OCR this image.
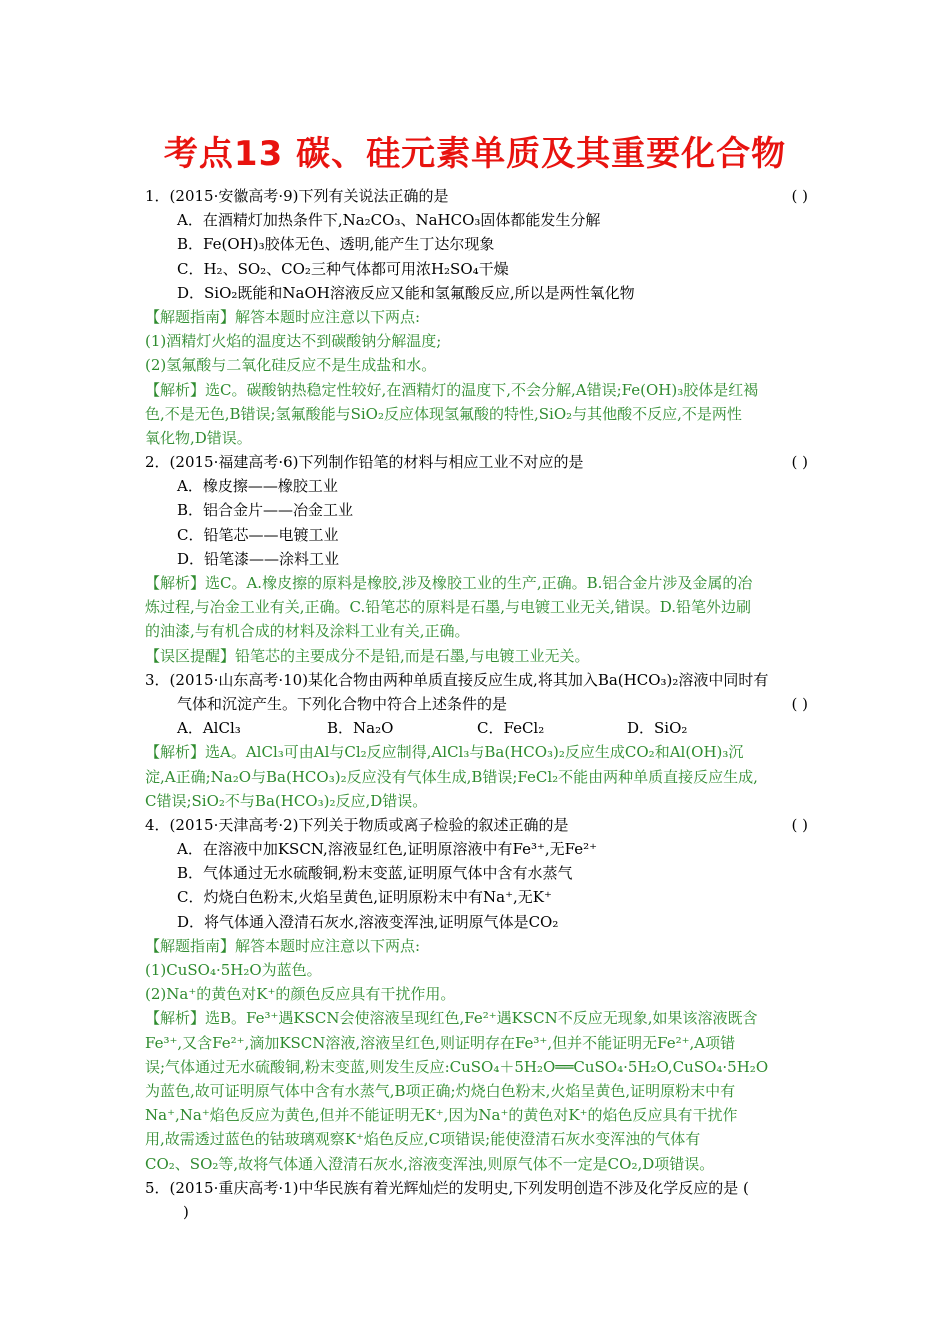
考点13 碳、硅元素单质及其重要化合物
1．(2015·安徽高考·9)下列有关说法正确的是	( )
A．在酒精灯加热条件下,Na₂CO₃、NaHCO₃固体都能发生分解
B．Fe(OH)₃胶体无色、透明,能产生丁达尔现象
C．H₂、SO₂、CO₂三种气体都可用浓H₂SO₄干燥
D．SiO₂既能和NaOH溶液反应又能和氢氟酸反应,所以是两性氧化物
【解题指南】解答本题时应注意以下两点:
(1)酒精灯火焰的温度达不到碳酸钠分解温度;
(2)氢氟酸与二氧化硅反应不是生成盐和水。
【解析】选C。碳酸钠热稳定性较好,在酒精灯的温度下,不会分解,A错误;Fe(OH)₃胶体是红褐
色,不是无色,B错误;氢氟酸能与SiO₂反应体现氢氟酸的特性,SiO₂与其他酸不反应,不是两性
氧化物,D错误。
2．(2015·福建高考·6)下列制作铅笔的材料与相应工业不对应的是	( )
A．橡皮擦——橡胶工业
B．铝合金片——冶金工业
C．铅笔芯——电镀工业
D．铅笔漆——涂料工业
【解析】选C。A.橡皮擦的原料是橡胶,涉及橡胶工业的生产,正确。B.铝合金片涉及金属的冶
炼过程,与冶金工业有关,正确。C.铅笔芯的原料是石墨,与电镀工业无关,错误。D.铅笔外边刷
的油漆,与有机合成的材料及涂料工业有关,正确。
【误区提醒】铅笔芯的主要成分不是铅,而是石墨,与电镀工业无关。
3．(2015·山东高考·10)某化合物由两种单质直接反应生成,将其加入Ba(HCO₃)₂溶液中同时有
气体和沉淀产生。下列化合物中符合上述条件的是	( )
A．AlCl₃	B．Na₂O	C．FeCl₂	D．SiO₂
【解析】选A。AlCl₃可由Al与Cl₂反应制得,AlCl₃与Ba(HCO₃)₂反应生成CO₂和Al(OH)₃沉
淀,A正确;Na₂O与Ba(HCO₃)₂反应没有气体生成,B错误;FeCl₂不能由两种单质直接反应生成,
C错误;SiO₂不与Ba(HCO₃)₂反应,D错误。
4．(2015·天津高考·2)下列关于物质或离子检验的叙述正确的是	( )
A．在溶液中加KSCN,溶液显红色,证明原溶液中有Fe³⁺,无Fe²⁺
B．气体通过无水硫酸铜,粉末变蓝,证明原气体中含有水蒸气
C．灼烧白色粉末,火焰呈黄色,证明原粉末中有Na⁺,无K⁺
D．将气体通入澄清石灰水,溶液变浑浊,证明原气体是CO₂
【解题指南】解答本题时应注意以下两点:
(1)CuSO₄·5H₂O为蓝色。
(2)Na⁺的黄色对K⁺的颜色反应具有干扰作用。
【解析】选B。Fe³⁺遇KSCN会使溶液呈现红色,Fe²⁺遇KSCN不反应无现象,如果该溶液既含
Fe³⁺,又含Fe²⁺,滴加KSCN溶液,溶液呈红色,则证明存在Fe³⁺,但并不能证明无Fe²⁺,A项错
误;气体通过无水硫酸铜,粉末变蓝,则发生反应:CuSO₄＋5H₂O══CuSO₄·5H₂O,CuSO₄·5H₂O
为蓝色,故可证明原气体中含有水蒸气,B项正确;灼烧白色粉末,火焰呈黄色,证明原粉末中有
Na⁺,Na⁺焰色反应为黄色,但并不能证明无K⁺,因为Na⁺的黄色对K⁺的焰色反应具有干扰作
用,故需透过蓝色的钴玻璃观察K⁺焰色反应,C项错误;能使澄清石灰水变浑浊的气体有
CO₂、SO₂等,故将气体通入澄清石灰水,溶液变浑浊,则原气体不一定是CO₂,D项错误。
5．(2015·重庆高考·1)中华民族有着光辉灿烂的发明史,下列发明创造不涉及化学反应的是 (
)
